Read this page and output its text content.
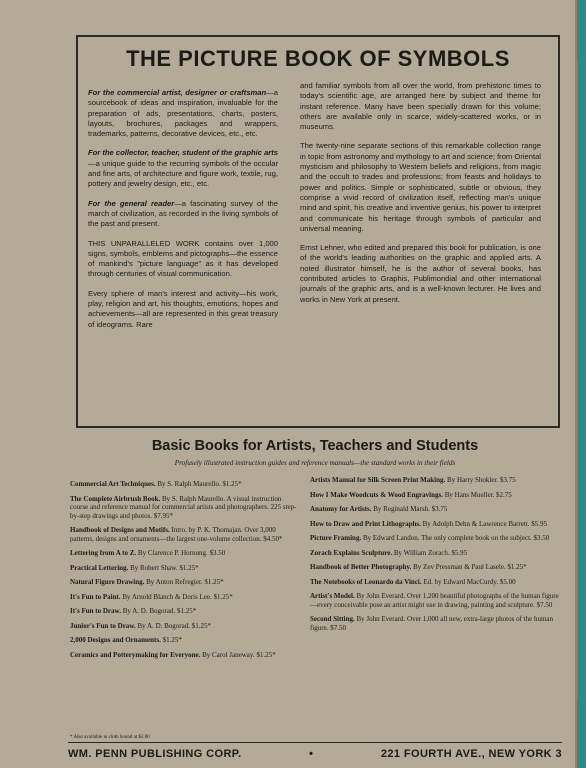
THE PICTURE BOOK OF SYMBOLS

For the commercial artist, designer or craftsman—a sourcebook of ideas and inspiration, invaluable for the preparation of ads, presentations, charts, posters, layouts, brochures, packages and wrappers, trademarks, patterns, decorative devices, etc., etc.

For the collector, teacher, student of the graphic arts—a unique guide to the recurring symbols of the occular and fine arts, of architecture and figure work, textile, rug, pottery and jewelry design, etc., etc.

For the general reader—a fascinating survey of the march of civilization, as recorded in the living symbols of the past and present.

THIS UNPARALLELED WORK contains over 1,000 signs, symbols, emblems and pictographs—the essence of mankind's "picture language" as it has developed through centuries of visual communication.

Every sphere of man's interest and activity—his work, play, religion and art, his thoughts, emotions, hopes and achievements—all are represented in this great treasury of ideograms. Rare

and familiar symbols from all over the world, from prehistoric times to today's scientific age, are arranged here by subject and theme for instant reference. Many have been specially drawn for this volume; others are available only in scarce, widely-scattered works, or in museums.

The twenty-nine separate sections of this remarkable collection range in topic from astronomy and mythology to art and science; from Oriental mysticism and philosophy to Western beliefs and religions, from magic and the occult to trades and professions; from feasts and holidays to power and politics. Simple or sophisticated, subtle or obvious, they comprise a vivid record of civilization itself, reflecting man's unique mind and spirit, his creative and inventive genius, his power to interpret and communicate his heritage through symbols of particular and universal meaning.

Ernst Lehner, who edited and prepared this book for publication, is one of the world's leading authorities on the graphic and applied arts. A noted illustrator himself, he is the author of several books, has contributed articles to Graphis, Publimondial and other international journals of the graphic arts, and is a well-known lecturer. He lives and works in New York at present.

Basic Books for Artists, Teachers and Students
Profusely illustrated instruction guides and reference manuals—the standard works in their fields
Commercial Art Techniques. By S. Ralph Maurello. $1.25*
The Complete Airbrush Book. By S. Ralph Maurello. A visual instruction course and reference manual for commercial artists and photographers. 225 step-by-step drawings and photos. $7.95*
Handbook of Designs and Motifs. Intro. by P. K. Thomajan. Over 3,000 patterns, designs and ornaments—the largest one-volume collection. $4.50*
Lettering from A to Z. By Clarence P. Hornung. $3.50
Practical Lettering. By Robert Shaw. $1.25*
Natural Figure Drawing. By Anton Refregier. $1.25*
It's Fun to Paint. By Arnold Blanch & Doris Lee. $1.25*
It's Fun to Draw. By A. D. Bogorad. $1.25*
Junior's Fun to Draw. By A. D. Bogorad. $1.25*
2,000 Designs and Ornaments. $1.25*
Ceramics and Potterymaking for Everyone. By Carol Janeway. $1.25*
Artists Manual for Silk Screen Print Making. By Harry Shokler. $3.75
How I Make Woodcuts & Wood Engravings. By Hans Mueller. $2.75
Anatomy for Artists. By Reginald Marsh. $3.75
How to Draw and Print Lithographs. By Adolph Dehn & Lawrence Barrett. $5.95
Picture Framing. By Edward Landon. The only complete book on the subject. $3.50
Zorach Explains Sculpture. By William Zorach. $5.95
Handbook of Better Photography. By Zev Pressman & Paul Lasele. $1.25*
The Notebooks of Leonardo da Vinci. Ed. by Edward MacCurdy. $5.00
Artist's Model. By John Everard. Over 1,200 beautiful photographs of the human figure—every conceivable pose an artist might use in drawing, painting and sculpture. $7.50
Second Sitting. By John Everard. Over 1,000 all new, extra-large photos of the human figure. $7.50
* Also available in cloth bound at $2.00
WM. PENN PUBLISHING CORP.	•	221 FOURTH AVE., NEW YORK 3
